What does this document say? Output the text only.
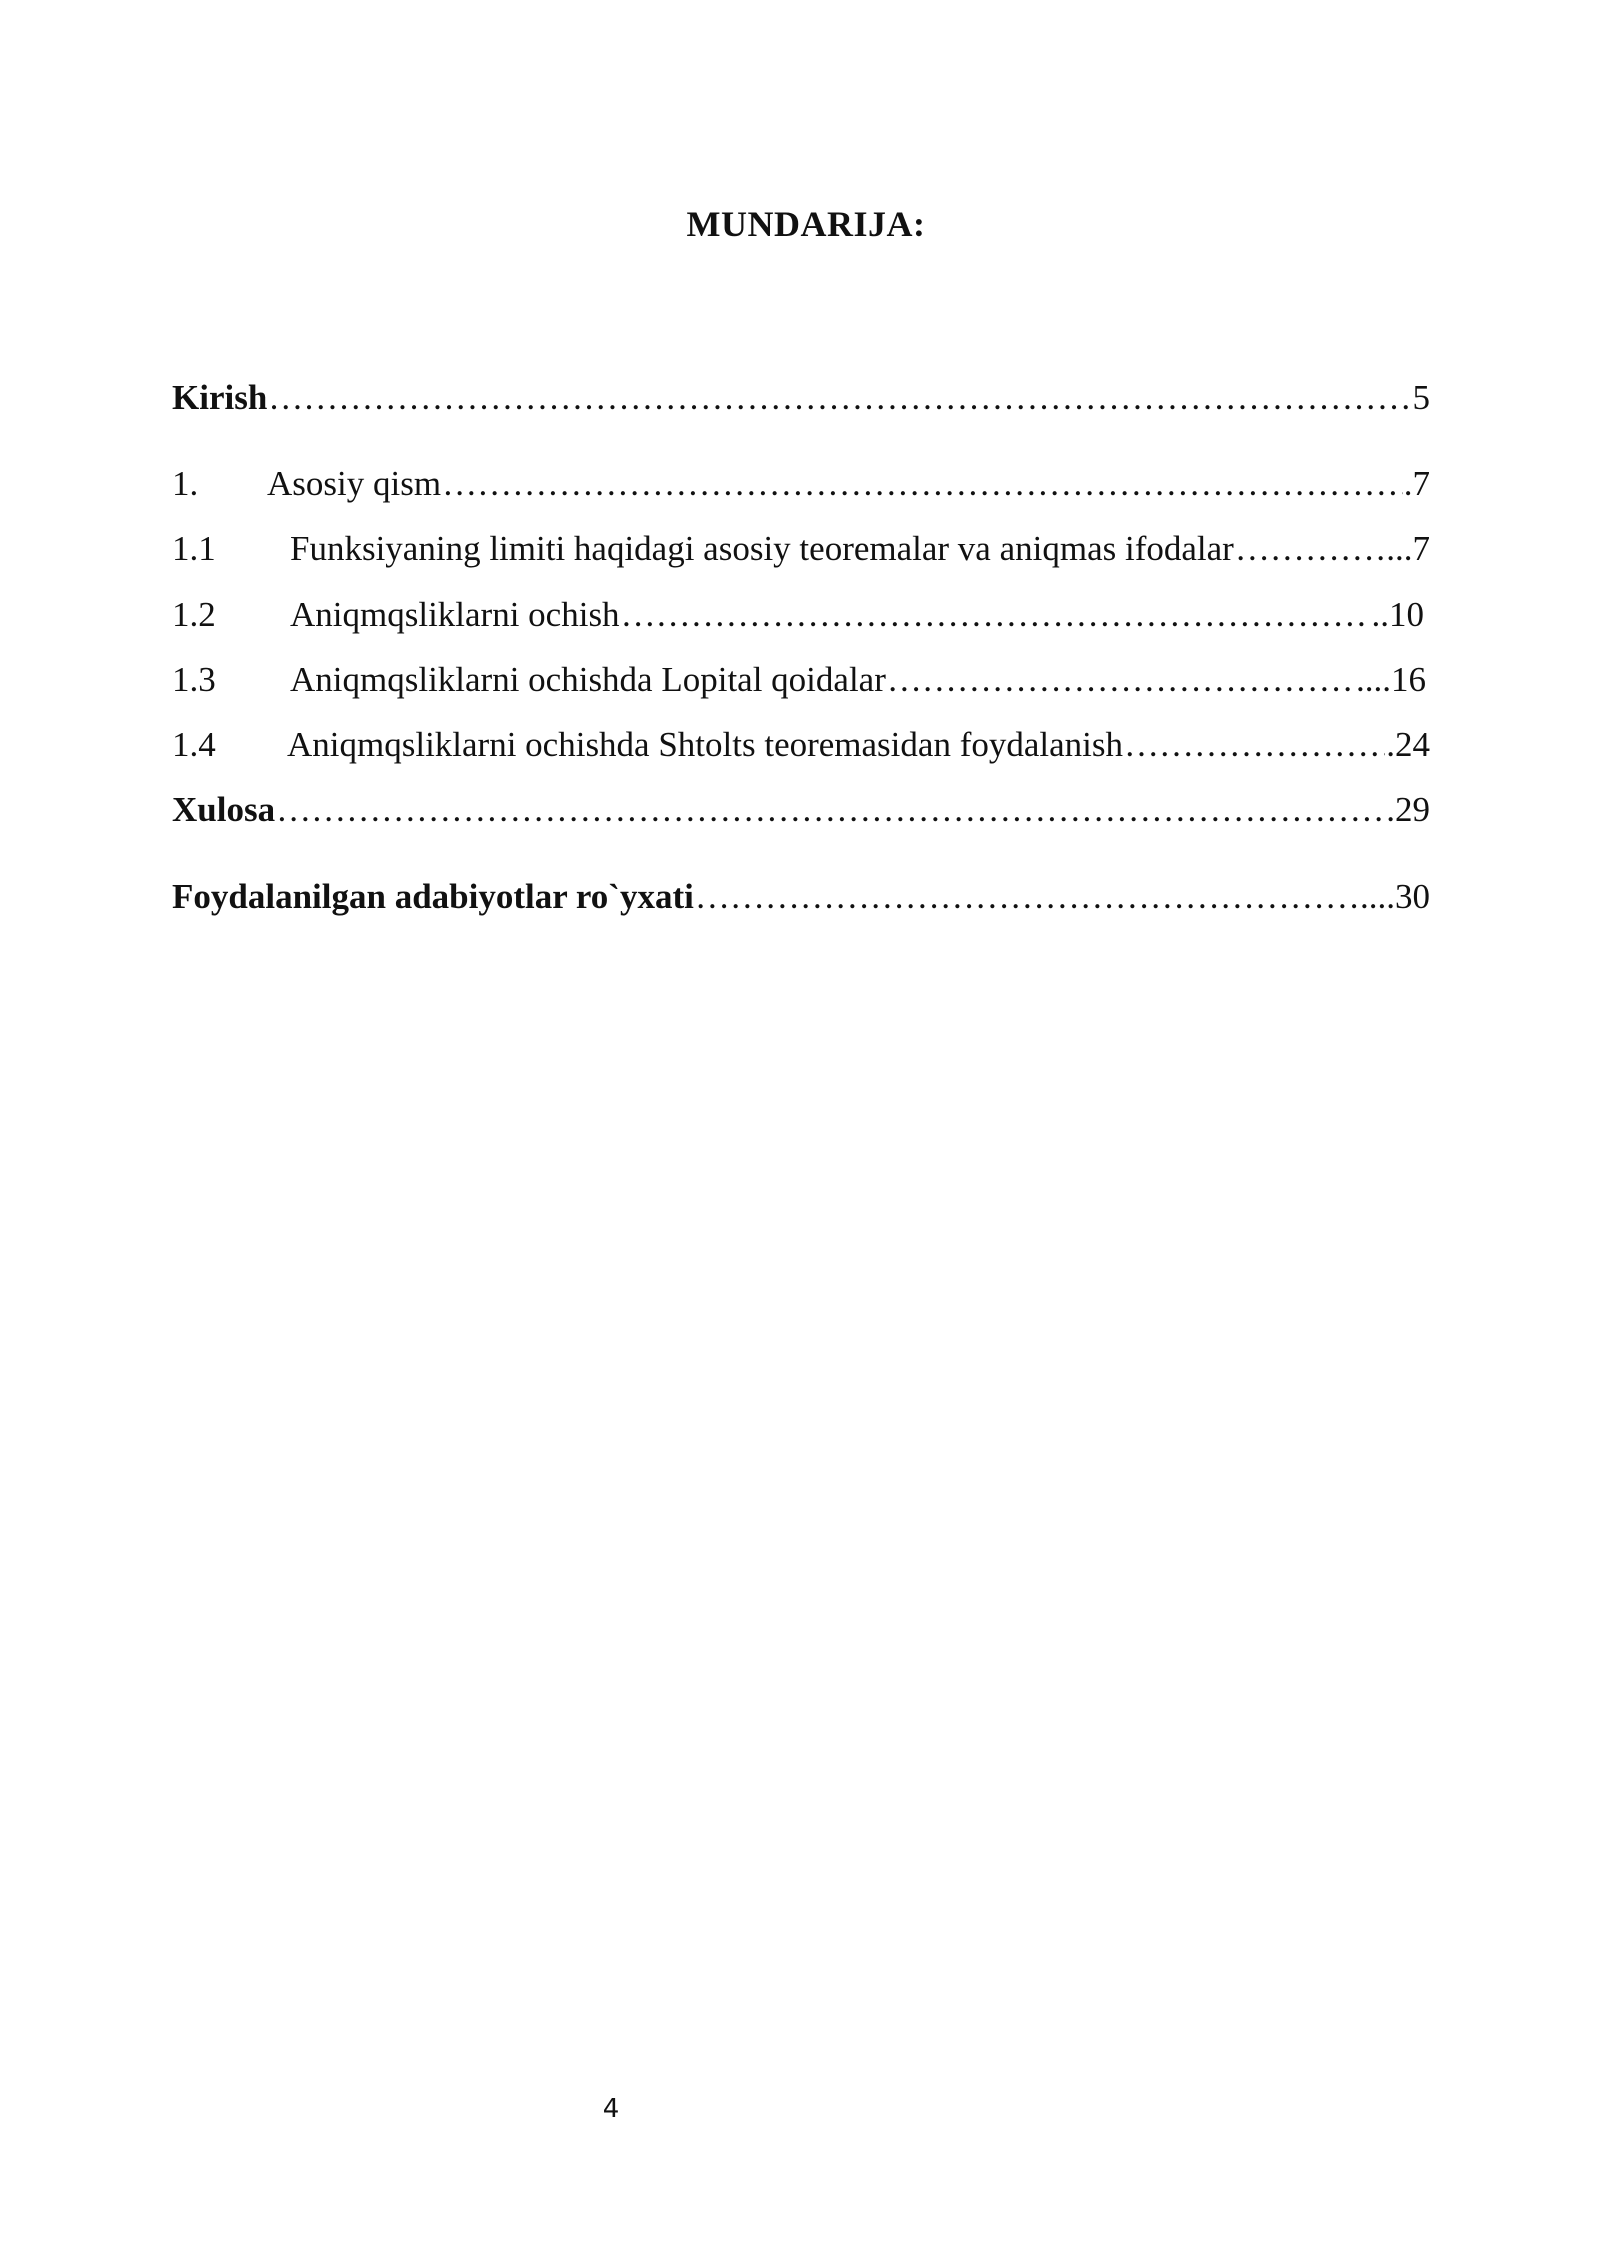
MUNDARIJA:
Kirish ………………………………………………………………………………………………………………………………………………………………………………	5
1.	Asosiy qism ………………………………………………………………………………………………………………………………………………………………………………	.7
1.1	Funksiyaning limiti haqidagi asosiy teoremalar va aniqmas ifodalar ………………………………………………………………………………………………………………………………………………………………………………	...7
1.2	Aniqmqsliklarni ochish ………………………………………………………………………………………………………………………………………………………………………………	..10
1.3	Aniqmqsliklarni ochishda Lopital qoidalar ………………………………………………………………………………………………………………………………………………………………………………	....16
1.4	Aniqmqsliklarni ochishda Shtolts teoremasidan foydalanish ………………………………………………………………………………………………………………………………………………………………………………	.24
Xulosa ………………………………………………………………………………………………………………………………………………………………………………	.29
Foydalanilgan adabiyotlar ro`yxati ………………………………………………………………………………………………………………………………………………………………………………	....30
4
